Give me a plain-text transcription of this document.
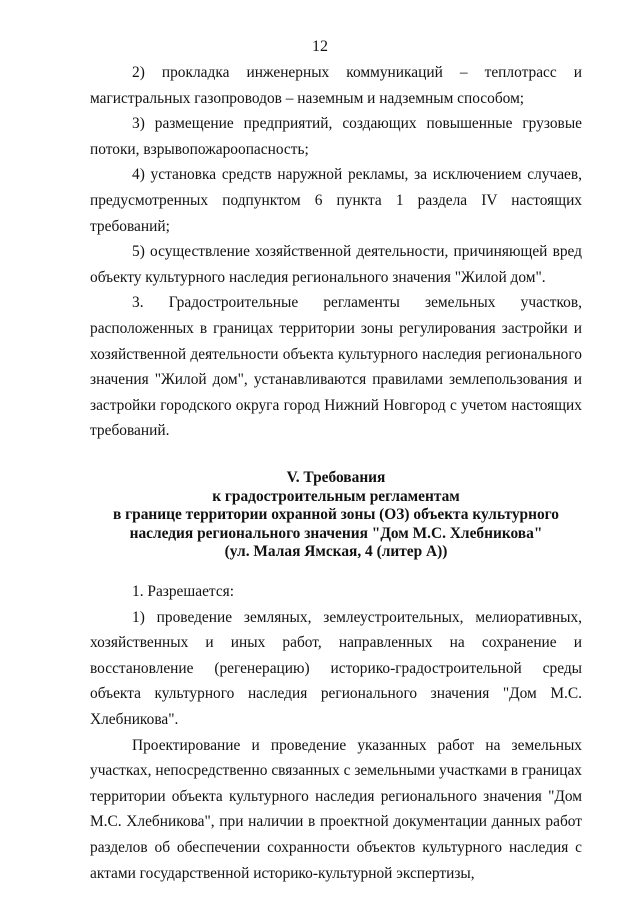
12

2) прокладка инженерных коммуникаций – теплотрасс и магистральных газопроводов – наземным и надземным способом;

3) размещение предприятий, создающих повышенные грузовые потоки, взрывопожароопасность;

4) установка средств наружной рекламы, за исключением случаев, предусмотренных подпунктом 6 пункта 1 раздела IV настоящих требований;

5) осуществление хозяйственной деятельности, причиняющей вред объекту культурного наследия регионального значения "Жилой дом".

3. Градостроительные регламенты земельных участков, расположенных в границах территории зоны регулирования застройки и хозяйственной деятельности объекта культурного наследия регионального значения "Жилой дом", устанавливаются правилами землепользования и застройки городского округа город Нижний Новгород с учетом настоящих требований.

V. Требования

к градостроительным регламентам

в границе территории охранной зоны (ОЗ) объекта культурного

наследия регионального значения "Дом М.С. Хлебникова"

(ул. Малая Ямская, 4 (литер А))

1. Разрешается:

1) проведение земляных, землеустроительных, мелиоративных, хозяйственных и иных работ, направленных на сохранение и восстановление (регенерацию) историко-градостроительной среды объекта культурного наследия регионального значения "Дом М.С. Хлебникова".

Проектирование и проведение указанных работ на земельных участках, непосредственно связанных с земельными участками в границах территории объекта культурного наследия регионального значения "Дом М.С. Хлебникова", при наличии в проектной документации данных работ разделов об обеспечении сохранности объектов культурного наследия с актами государственной историко-культурной экспертизы,
